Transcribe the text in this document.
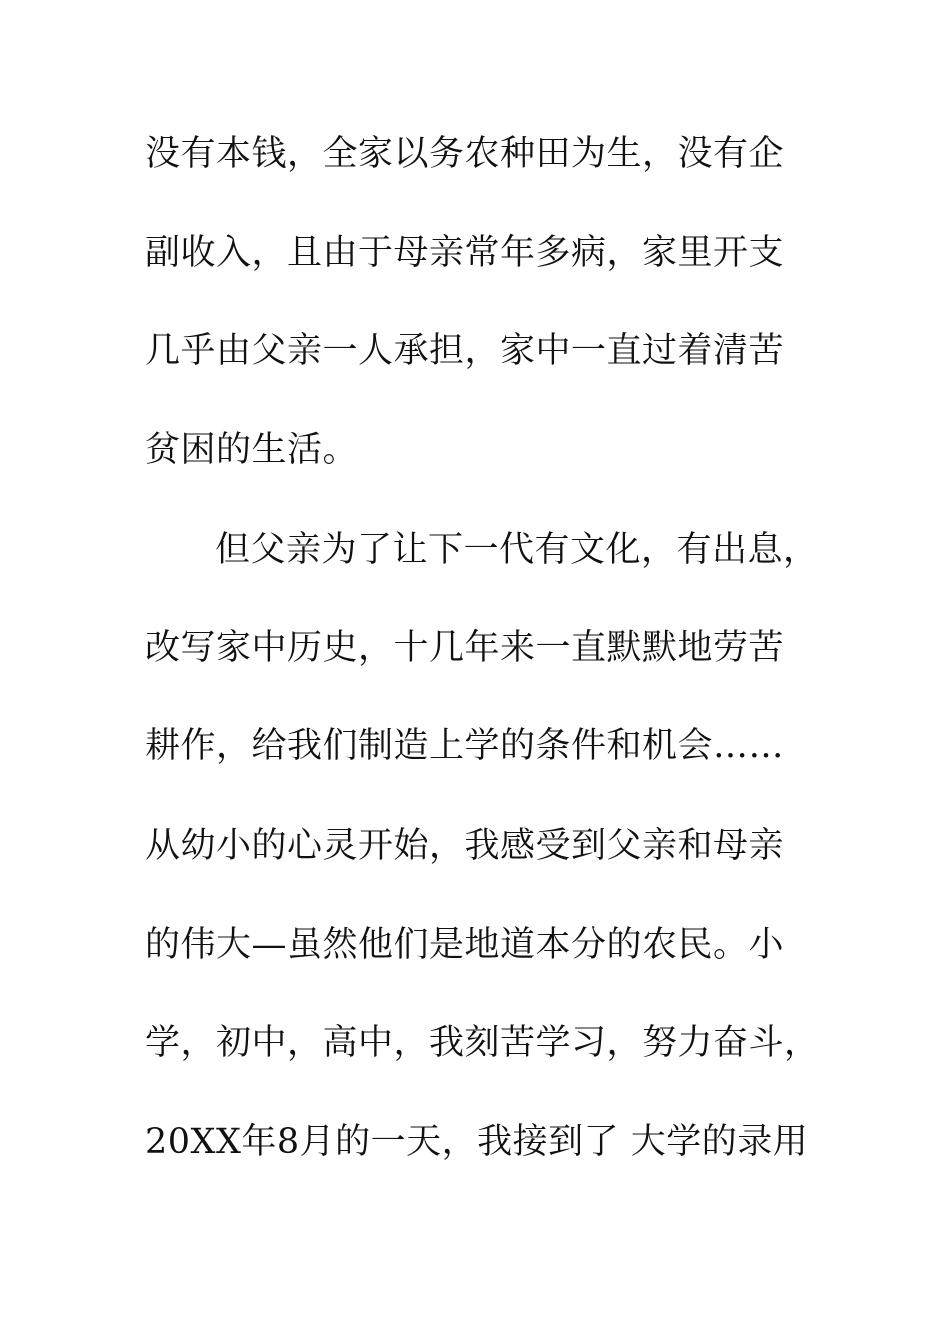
没有本钱，全家以务农种田为生，没有企
副收入，且由于母亲常年多病，家里开支
几乎由父亲一人承担，家中一直过着清苦
贫困的生活。
但父亲为了让下一代有文化，有出息，
改写家中历史，十几年来一直默默地劳苦
耕作，给我们制造上学的条件和机会……
从幼小的心灵开始，我感受到父亲和母亲
的伟大—虽然他们是地道本分的农民。小
学，初中，高中，我刻苦学习，努力奋斗，
20XX年8月的一天，我接到了 大学的录用
